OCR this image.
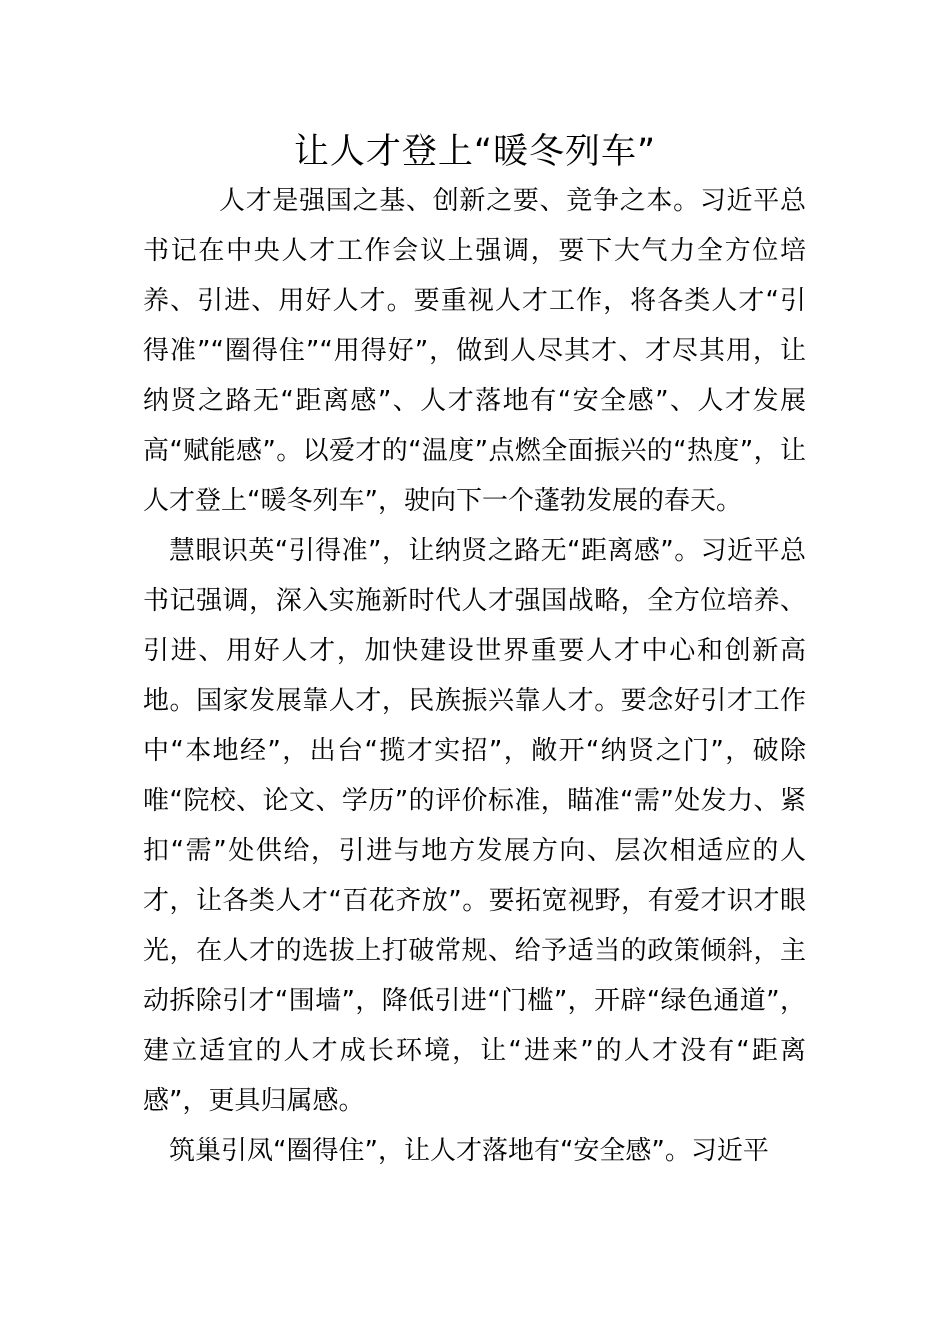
让人才登上“暖冬列车”

人才是强国之基、创新之要、竞争之本。习近平总书记在中央人才工作会议上强调，要下大气力全方位培养、引进、用好人才。要重视人才工作，将各类人才“引得准”“圈得住”“用得好”，做到人尽其才、才尽其用，让纳贤之路无“距离感”、人才落地有“安全感”、人才发展高“赋能感”。以爱才的“温度”点燃全面振兴的“热度”，让人才登上“暖冬列车”，驶向下一个蓬勃发展的春天。

慧眼识英“引得准”，让纳贤之路无“距离感”。习近平总书记强调，深入实施新时代人才强国战略，全方位培养、引进、用好人才，加快建设世界重要人才中心和创新高地。国家发展靠人才，民族振兴靠人才。要念好引才工作中“本地经”，出台“揽才实招”，敞开“纳贤之门”，破除唯“院校、论文、学历”的评价标准，瞄准“需”处发力、紧扣“需”处供给，引进与地方发展方向、层次相适应的人才，让各类人才“百花齐放”。要拓宽视野，有爱才识才眼光，在人才的选拔上打破常规、给予适当的政策倾斜，主动拆除引才“围墙”，降低引进“门槛”，开辟“绿色通道”，建立适宜的人才成长环境，让“进来”的人才没有“距离感”，更具归属感。

筑巢引凤“圈得住”，让人才落地有“安全感”。习近平
